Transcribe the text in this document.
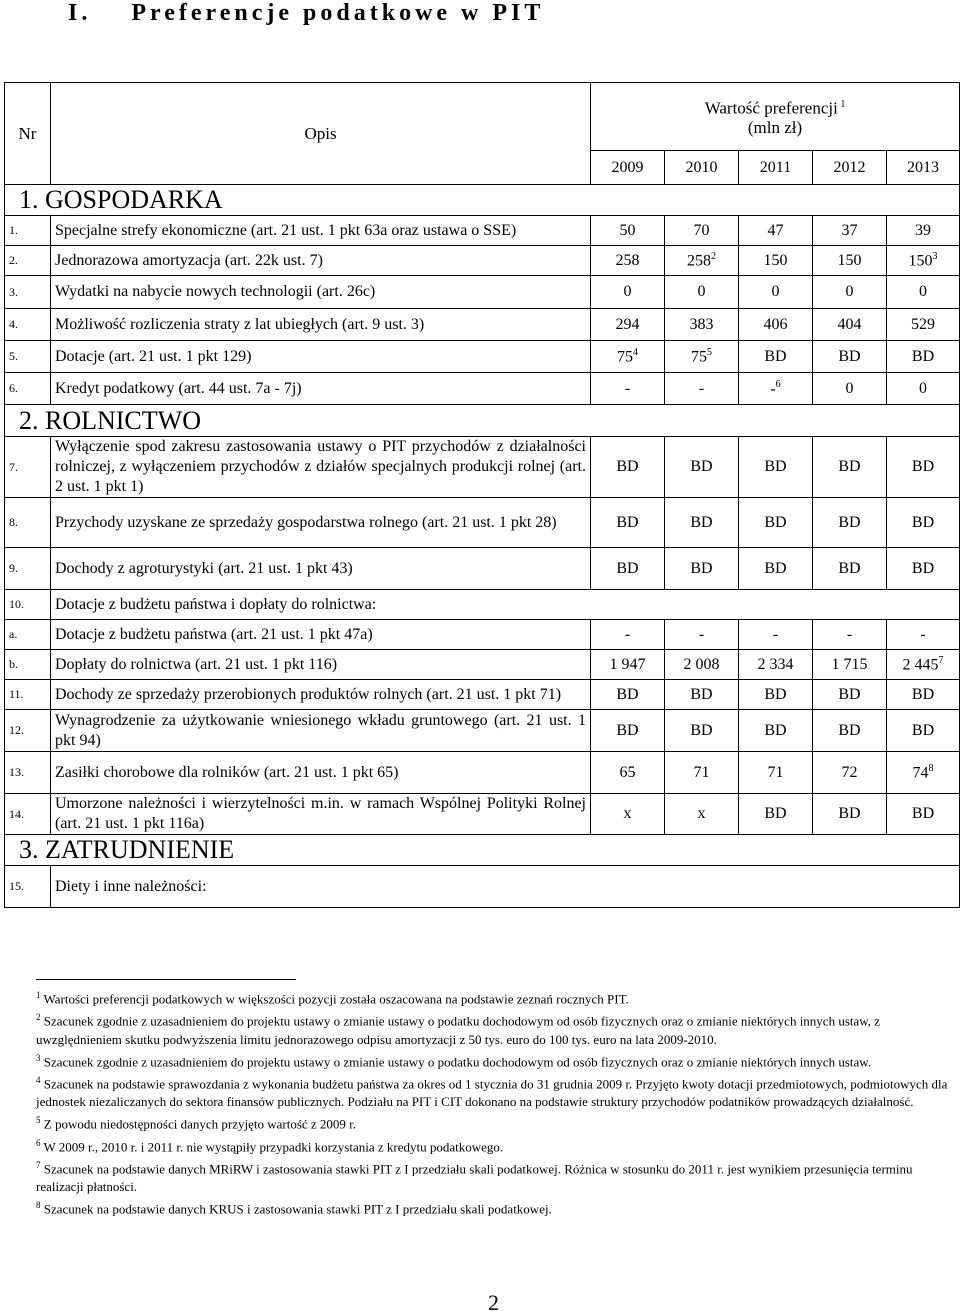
I. Preferencje podatkowe w PIT
Nr	Opis	Wartość preferencji $^1$
(mln zł)				
		2009	2010	2011	2012	2013
1. GOSPODARKA						
1.	Specjalne strefy ekonomiczne (art. 21 ust. 1 pkt 63a oraz ustawa o SSE)	50	70	47	37	39
2.	Jednorazowa amortyzacja (art. 22k ust. 7)	258	$258^2$	150	150	$150^3$
3.	Wydatki na nabycie nowych technologii (art. 26c)	0	0	0	0	0
4.	Możliwość rozliczenia straty z lat ubiegłych (art. 9 ust. 3)	294	383	406	404	529
5.	Dotacje (art. 21 ust. 1 pkt 129)	$75^4$	$75^5$	BD	BD	BD
6.	Kredyt podatkowy (art. 44 ust. 7a - 7j)	-	-	-$^6$	0	0
2. ROLNICTWO						
7.	Wyłączenie spod zakresu zastosowania ustawy o PIT przychodów z działalności rolniczej, z wyłączeniem przychodów z działów specjalnych produkcji rolnej (art. 2 ust. 1 pkt 1)	BD	BD	BD	BD	BD
8.	Przychody uzyskane ze sprzedaży gospodarstwa rolnego (art. 21 ust. 1 pkt 28)	BD	BD	BD	BD	BD
9.	Dochody z agroturystyki (art. 21 ust. 1 pkt 43)	BD	BD	BD	BD	BD
10.	Dotacje z budżetu państwa i dopłaty do rolnictwa:					
a.	Dotacje z budżetu państwa (art. 21 ust. 1 pkt 47a)	-	-	-	-	-
b.	Dopłaty do rolnictwa (art. 21 ust. 1 pkt 116)	1 947	2 008	2 334	1 715	2 $445^7$
11.	Dochody ze sprzedaży przerobionych produktów rolnych (art. 21 ust. 1 pkt 71)	BD	BD	BD	BD	BD
12.	Wynagrodzenie za użytkowanie wniesionego wkładu gruntowego (art. 21 ust. 1 pkt 94)	BD	BD	BD	BD	BD
13.	Zasiłki chorobowe dla rolników (art. 21 ust. 1 pkt 65)	65	71	71	72	$74^8$
14.	Umorzone należności i wierzytelności m.in. w ramach Wspólnej Polityki Rolnej (art. 21 ust. 1 pkt 116a)	x	x	BD	BD	BD
3. ZATRUDNIENIE						
15.	Diety i inne należności:					
$^1$ Wartości preferencji podatkowych w większości pozycji została oszacowana na podstawie zeznań rocznych PIT.
$^2$ Szacunek zgodnie z uzasadnieniem do projektu ustawy o zmianie ustawy o podatku dochodowym od osób fizycznych oraz o zmianie niektórych innych ustaw, z uwzględnieniem skutku podwyższenia limitu jednorazowego odpisu amortyzacji z 50 tys. euro do 100 tys. euro na lata 2009-2010.
$^3$ Szacunek zgodnie z uzasadnieniem do projektu ustawy o zmianie ustawy o podatku dochodowym od osób fizycznych oraz o zmianie niektórych innych ustaw.
$^4$ Szacunek na podstawie sprawozdania z wykonania budżetu państwa za okres od 1 stycznia do 31 grudnia 2009 r. Przyjęto kwoty dotacji przedmiotowych, podmiotowych dla jednostek niezaliczanych do sektora finansów publicznych. Podziału na PIT i CIT dokonano na podstawie struktury przychodów podatników prowadzących działalność.
$^5$ Z powodu niedostępności danych przyjęto wartość z 2009 r.
$^6$ W 2009 r., 2010 r. i 2011 r. nie wystąpiły przypadki korzystania z kredytu podatkowego.
$^7$ Szacunek na podstawie danych MRiRW i zastosowania stawki PIT z I przedziału skali podatkowej. Różnica w stosunku do 2011 r. jest wynikiem przesunięcia terminu realizacji płatności.
$^8$ Szacunek na podstawie danych KRUS i zastosowania stawki PIT z I przedziału skali podatkowej.
2
